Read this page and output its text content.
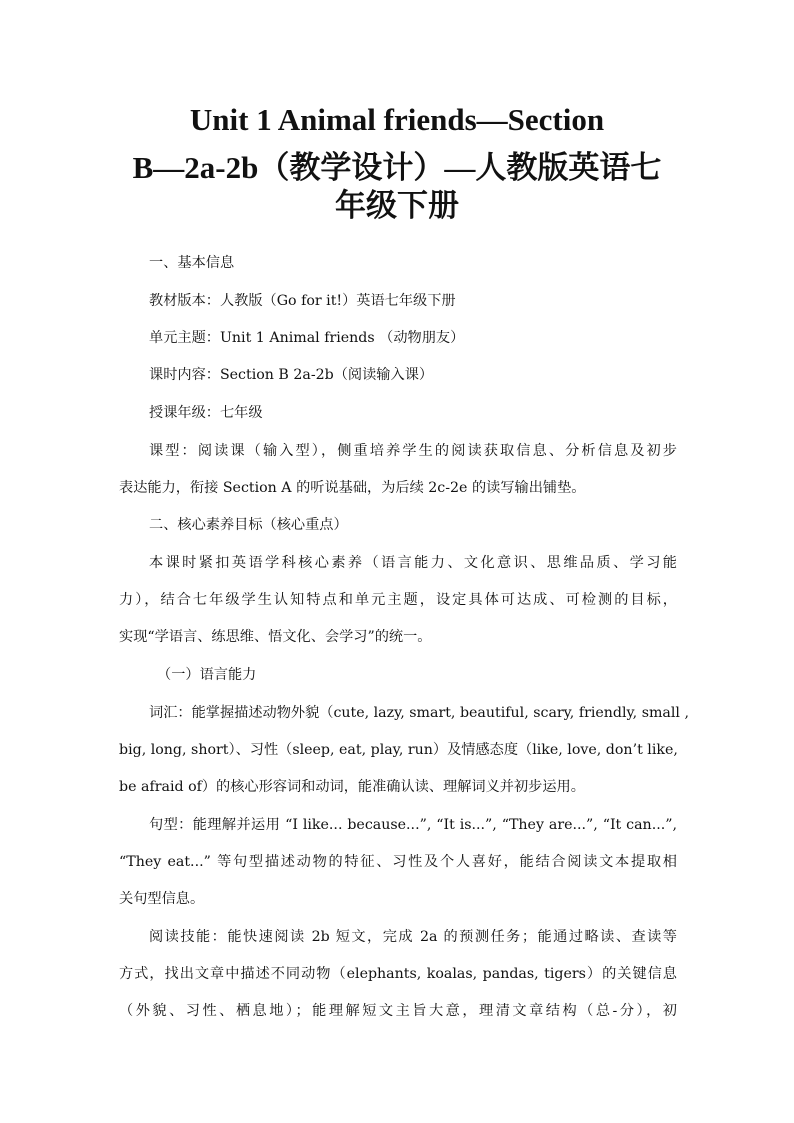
Unit 1 Animal friends—Section
B—2a-2b（教学设计）—人教版英语七
年级下册
一、基本信息
教材版本：人教版（Go for it!）英语七年级下册
单元主题：Unit 1 Animal friends （动物朋友）
课时内容：Section B 2a-2b（阅读输入课）
授课年级：七年级
课型：阅读课（输入型），侧重培养学生的阅读获取信息、分析信息及初步
表达能力，衔接 Section A 的听说基础，为后续 2c-2e 的读写输出铺垫。
二、核心素养目标（核心重点）
本课时紧扣英语学科核心素养（语言能力、文化意识、思维品质、学习能
力），结合七年级学生认知特点和单元主题，设定具体可达成、可检测的目标，
实现“学语言、练思维、悟文化、会学习”的统一。
（一）语言能力
词汇：能掌握描述动物外貌（cute, lazy, smart, beautiful, scary, friendly, small ,
big, long, short）、习性（sleep, eat, play, run）及情感态度（like, love, don’t like,
be afraid of）的核心形容词和动词，能准确认读、理解词义并初步运用。
句型：能理解并运用 “I like... because...”, “It is...”, “They are...”, “It can...”,
“They eat...” 等句型描述动物的特征、习性及个人喜好，能结合阅读文本提取相
关句型信息。
阅读技能：能快速阅读 2b 短文，完成 2a 的预测任务；能通过略读、查读等
方式，找出文章中描述不同动物（elephants, koalas, pandas, tigers）的关键信息
（外貌、习性、栖息地）；能理解短文主旨大意，理清文章结构（总-分），初
